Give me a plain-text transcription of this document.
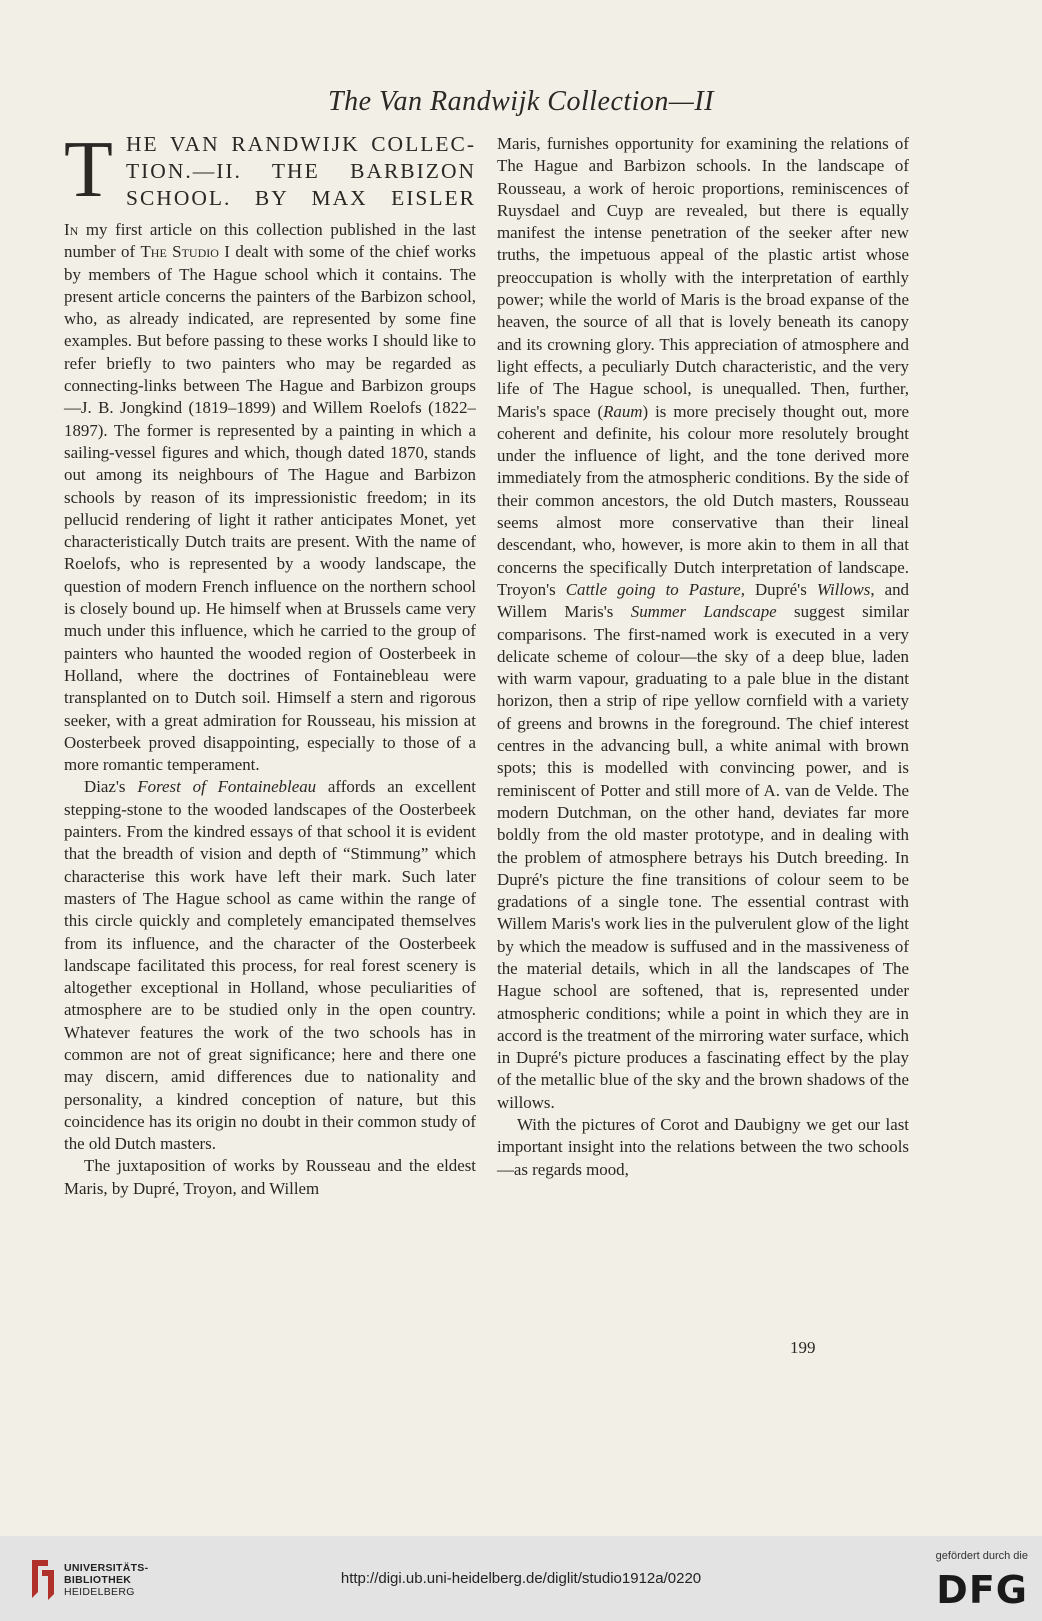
The Van Randwijk Collection—II
T HE VAN RANDWIJK COLLEC-
TION.—II. THE BARBIZON
SCHOOL. BY MAX EISLER

In my first article on this collection published in the last number of The Studio I dealt with some of the chief works by members of The Hague school which it contains. The present article concerns the painters of the Barbizon school, who, as already indicated, are represented by some fine examples. But before passing to these works I should like to refer briefly to two painters who may be regarded as connecting-links between The Hague and Barbizon groups—J. B. Jongkind (1819–1899) and Willem Roelofs (1822–1897). The former is represented by a painting in which a sailing-vessel figures and which, though dated 1870, stands out among its neighbours of The Hague and Barbizon schools by reason of its impressionistic freedom; in its pellucid rendering of light it rather anticipates Monet, yet characteristically Dutch traits are present. With the name of Roelofs, who is represented by a woody landscape, the question of modern French influence on the northern school is closely bound up. He himself when at Brussels came very much under this influence, which he carried to the group of painters who haunted the wooded region of Oosterbeek in Holland, where the doctrines of Fontainebleau were transplanted on to Dutch soil. Himself a stern and rigorous seeker, with a great admiration for Rousseau, his mission at Oosterbeek proved disappointing, especially to those of a more romantic temperament.

Diaz's Forest of Fontainebleau affords an excellent stepping-stone to the wooded landscapes of the Oosterbeek painters. From the kindred essays of that school it is evident that the breadth of vision and depth of “Stimmung” which characterise this work have left their mark. Such later masters of The Hague school as came within the range of this circle quickly and completely emancipated themselves from its influence, and the character of the Oosterbeek landscape facilitated this process, for real forest scenery is altogether exceptional in Holland, whose peculiarities of atmosphere are to be studied only in the open country. Whatever features the work of the two schools has in common are not of great significance; here and there one may discern, amid differences due to nationality and personality, a kindred conception of nature, but this coincidence has its origin no doubt in their common study of the old Dutch masters.

The juxtaposition of works by Rousseau and the eldest Maris, by Dupré, Troyon, and Willem

Maris, furnishes opportunity for examining the relations of The Hague and Barbizon schools. In the landscape of Rousseau, a work of heroic proportions, reminiscences of Ruysdael and Cuyp are revealed, but there is equally manifest the intense penetration of the seeker after new truths, the impetuous appeal of the plastic artist whose preoccupation is wholly with the interpretation of earthly power; while the world of Maris is the broad expanse of the heaven, the source of all that is lovely beneath its canopy and its crowning glory. This appreciation of atmosphere and light effects, a peculiarly Dutch characteristic, and the very life of The Hague school, is unequalled. Then, further, Maris's space (Raum) is more precisely thought out, more coherent and definite, his colour more resolutely brought under the influence of light, and the tone derived more immediately from the atmospheric conditions. By the side of their common ancestors, the old Dutch masters, Rousseau seems almost more conservative than their lineal descendant, who, however, is more akin to them in all that concerns the specifically Dutch interpretation of landscape. Troyon's Cattle going to Pasture, Dupré's Willows, and Willem Maris's Summer Landscape suggest similar comparisons. The first-named work is executed in a very delicate scheme of colour—the sky of a deep blue, laden with warm vapour, graduating to a pale blue in the distant horizon, then a strip of ripe yellow cornfield with a variety of greens and browns in the foreground. The chief interest centres in the advancing bull, a white animal with brown spots; this is modelled with convincing power, and is reminiscent of Potter and still more of A. van de Velde. The modern Dutchman, on the other hand, deviates far more boldly from the old master prototype, and in dealing with the problem of atmosphere betrays his Dutch breeding. In Dupré's picture the fine transitions of colour seem to be gradations of a single tone. The essential contrast with Willem Maris's work lies in the pulverulent glow of the light by which the meadow is suffused and in the massiveness of the material details, which in all the landscapes of The Hague school are softened, that is, represented under atmospheric conditions; while a point in which they are in accord is the treatment of the mirroring water surface, which in Dupré's picture produces a fascinating effect by the play of the metallic blue of the sky and the brown shadows of the willows.

With the pictures of Corot and Daubigny we get our last important insight into the relations between the two schools—as regards mood,

199
UNIVERSITÄTS-
BIBLIOTHEK
HEIDELBERG
http://digi.ub.uni-heidelberg.de/diglit/studio1912a/0220
gefördert durch die
DFG
